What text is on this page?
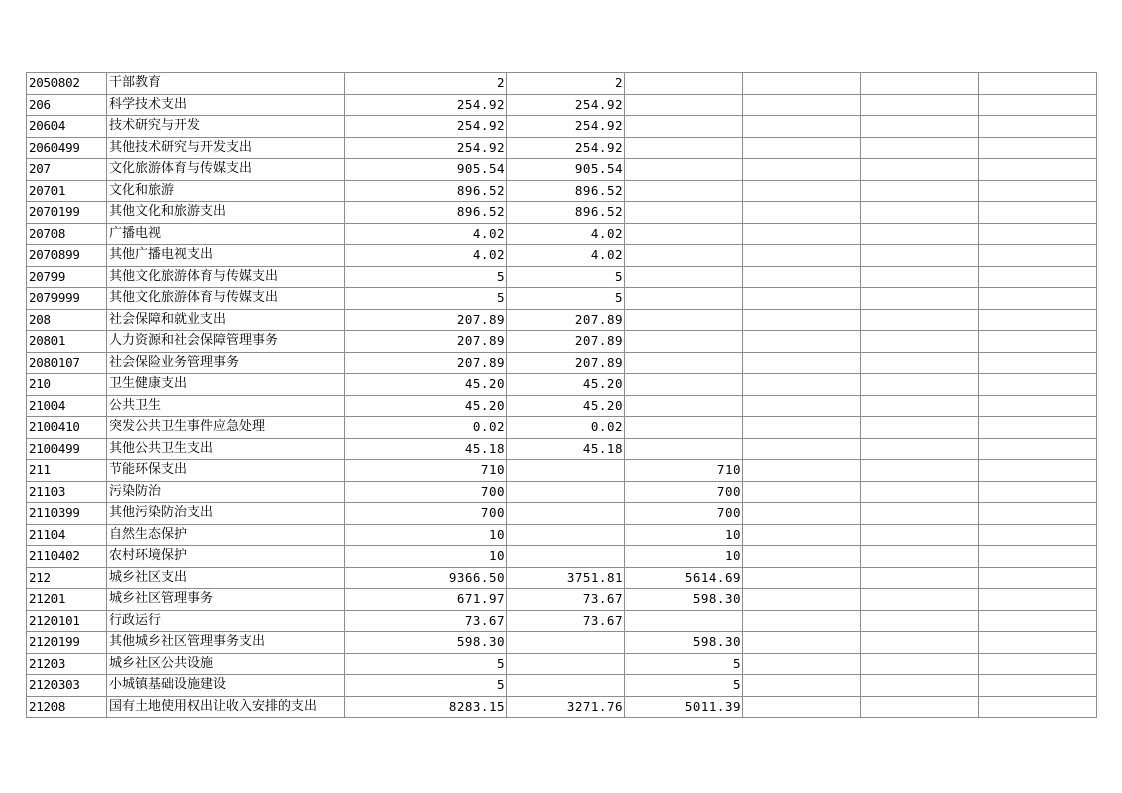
2050802	干部教育	2	2				
206	科学技术支出	254.92	254.92				
20604	技术研究与开发	254.92	254.92				
2060499	其他技术研究与开发支出	254.92	254.92				
207	文化旅游体育与传媒支出	905.54	905.54				
20701	文化和旅游	896.52	896.52				
2070199	其他文化和旅游支出	896.52	896.52				
20708	广播电视	4.02	4.02				
2070899	其他广播电视支出	4.02	4.02				
20799	其他文化旅游体育与传媒支出	5	5				
2079999	其他文化旅游体育与传媒支出	5	5				
208	社会保障和就业支出	207.89	207.89				
20801	人力资源和社会保障管理事务	207.89	207.89				
2080107	社会保险业务管理事务	207.89	207.89				
210	卫生健康支出	45.20	45.20				
21004	公共卫生	45.20	45.20				
2100410	突发公共卫生事件应急处理	0.02	0.02				
2100499	其他公共卫生支出	45.18	45.18				
211	节能环保支出	710		710			
21103	污染防治	700		700			
2110399	其他污染防治支出	700		700			
21104	自然生态保护	10		10			
2110402	农村环境保护	10		10			
212	城乡社区支出	9366.50	3751.81	5614.69			
21201	城乡社区管理事务	671.97	73.67	598.30			
2120101	行政运行	73.67	73.67				
2120199	其他城乡社区管理事务支出	598.30		598.30			
21203	城乡社区公共设施	5		5			
2120303	小城镇基础设施建设	5		5			
21208	国有土地使用权出让收入安排的支出	8283.15	3271.76	5011.39			
